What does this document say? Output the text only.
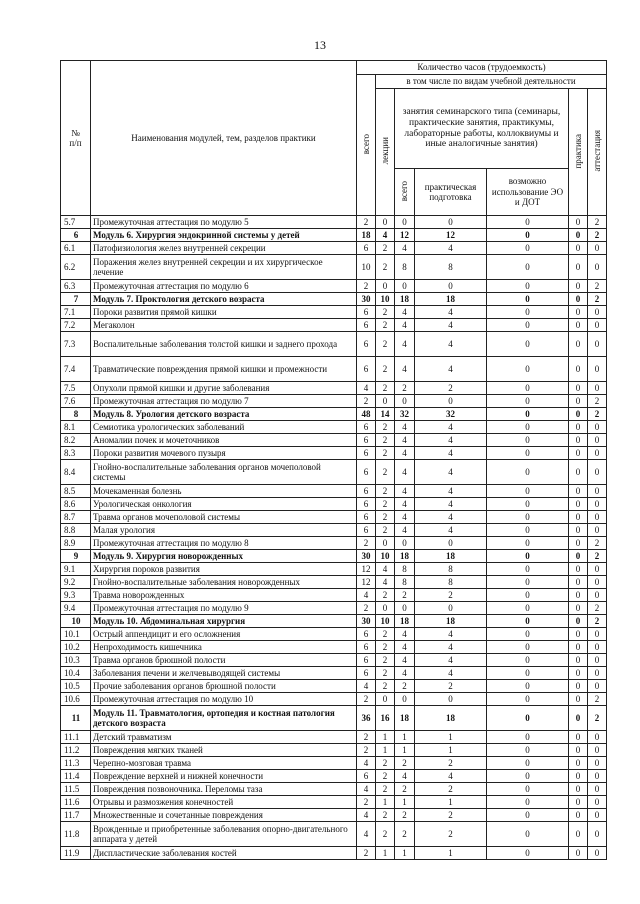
13
№
п/п	Наименования модулей, тем, разделов практики	Количество часов (трудоемкость)						
		всего	в том числе по видам учебной деятельности					
			лекции	занятия семинарского типа (семинары, практические занятия, практикумы, лабораторные работы, коллоквиумы и иные аналогичные занятия)			практика	аттестация
				всего	практическая подготовка	возможно использование ЭО и ДОТ		
5.7	Промежуточная аттестация по модулю 5	2	0	0	0	0	0	2
6	Модуль 6. Хирургия эндокринной системы у детей	18	4	12	12	0	0	2
6.1	Патофизиология желез внутренней секреции	6	2	4	4	0	0	0
6.2	Поражения желез внутренней секреции и их хирургическое лечение	10	2	8	8	0	0	0
6.3	Промежуточная аттестация по модулю 6	2	0	0	0	0	0	2
7	Модуль 7. Проктология детского возраста	30	10	18	18	0	0	2
7.1	Пороки развития прямой кишки	6	2	4	4	0	0	0
7.2	Мегаколон	6	2	4	4	0	0	0
7.3	Воспалительные заболевания толстой кишки и заднего прохода	6	2	4	4	0	0	0
7.4	Травматические повреждения прямой кишки и промежности	6	2	4	4	0	0	0
7.5	Опухоли прямой кишки и другие заболевания	4	2	2	2	0	0	0
7.6	Промежуточная аттестация по модулю 7	2	0	0	0	0	0	2
8	Модуль 8. Урология детского возраста	48	14	32	32	0	0	2
8.1	Семиотика урологических заболеваний	6	2	4	4	0	0	0
8.2	Аномалии почек и мочеточников	6	2	4	4	0	0	0
8.3	Пороки развития мочевого пузыря	6	2	4	4	0	0	0
8.4	Гнойно-воспалительные заболевания органов мочеполовой системы	6	2	4	4	0	0	0
8.5	Мочекаменная болезнь	6	2	4	4	0	0	0
8.6	Урологическая онкология	6	2	4	4	0	0	0
8.7	Травма органов мочеполовой системы	6	2	4	4	0	0	0
8.8	Малая урология	6	2	4	4	0	0	0
8.9	Промежуточная аттестация по модулю 8	2	0	0	0	0	0	2
9	Модуль 9. Хирургия новорожденных	30	10	18	18	0	0	2
9.1	Хирургия пороков развития	12	4	8	8	0	0	0
9.2	Гнойно-воспалительные заболевания новорожденных	12	4	8	8	0	0	0
9.3	Травма новорожденных	4	2	2	2	0	0	0
9.4	Промежуточная аттестация по модулю 9	2	0	0	0	0	0	2
10	Модуль 10. Абдоминальная хирургия	30	10	18	18	0	0	2
10.1	Острый аппендицит и его осложнения	6	2	4	4	0	0	0
10.2	Непроходимость кишечника	6	2	4	4	0	0	0
10.3	Травма органов брюшной полости	6	2	4	4	0	0	0
10.4	Заболевания печени и желчевыводящей системы	6	2	4	4	0	0	0
10.5	Прочие заболевания органов брюшной полости	4	2	2	2	0	0	0
10.6	Промежуточная аттестация по модулю 10	2	0	0	0	0	0	2
11	Модуль 11. Травматология, ортопедия и костная патология детского возраста	36	16	18	18	0	0	2
11.1	Детский травматизм	2	1	1	1	0	0	0
11.2	Повреждения мягких тканей	2	1	1	1	0	0	0
11.3	Черепно-мозговая травма	4	2	2	2	0	0	0
11.4	Повреждение верхней и нижней конечности	6	2	4	4	0	0	0
11.5	Повреждения позвоночника. Переломы таза	4	2	2	2	0	0	0
11.6	Отрывы и размозжения конечностей	2	1	1	1	0	0	0
11.7	Множественные и сочетанные повреждения	4	2	2	2	0	0	0
11.8	Врожденные и приобретенные заболевания опорно-двигательного аппарата у детей	4	2	2	2	0	0	0
11.9	Диспластические заболевания костей	2	1	1	1	0	0	0
